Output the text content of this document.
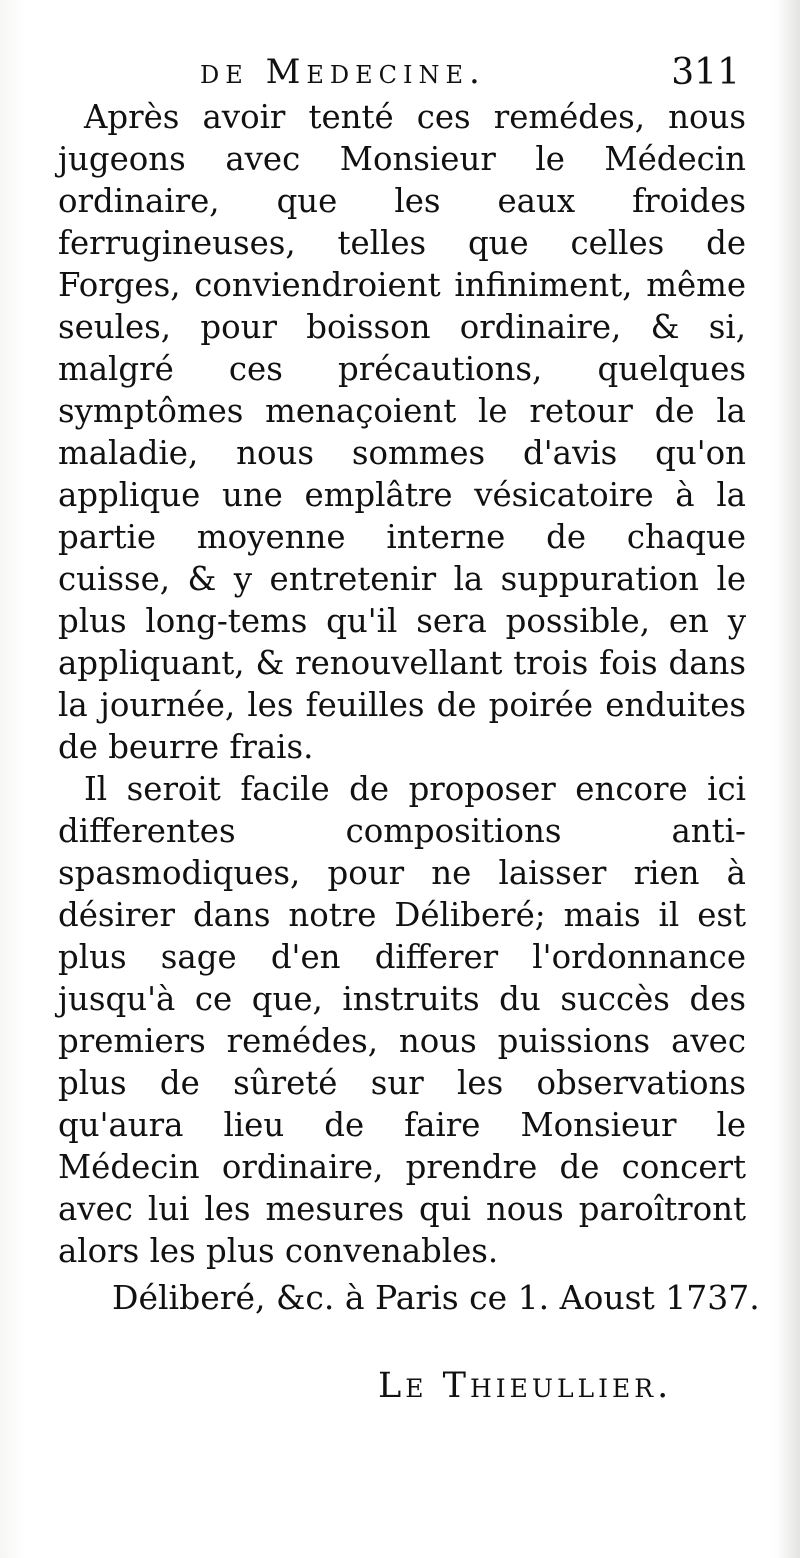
de Medecine.	311

Après avoir tenté ces remédes, nous jugeons avec Monsieur le Médecin ordinaire, que les eaux froides ferrugineuses, telles que celles de Forges, conviendroient infiniment, même seules, pour boisson ordinaire, & si, malgré ces précautions, quelques symptômes menaçoient le retour de la maladie, nous sommes d'avis qu'on applique une emplâtre vésicatoire à la partie moyenne interne de chaque cuisse, & y entretenir la suppuration le plus long-tems qu'il sera possible, en y appliquant, & renouvellant trois fois dans la journée, les feuilles de poirée enduites de beurre frais.

Il seroit facile de proposer encore ici differentes compositions anti-spasmodiques, pour ne laisser rien à désirer dans notre Déliberé; mais il est plus sage d'en differer l'ordonnance jusqu'à ce que, instruits du succès des premiers remédes, nous puissions avec plus de sûreté sur les observations qu'aura lieu de faire Monsieur le Médecin ordinaire, prendre de concert avec lui les mesures qui nous paroîtront alors les plus convenables.

Déliberé, &c. à Paris ce 1. Aoust 1737.
Le Thieullier.
